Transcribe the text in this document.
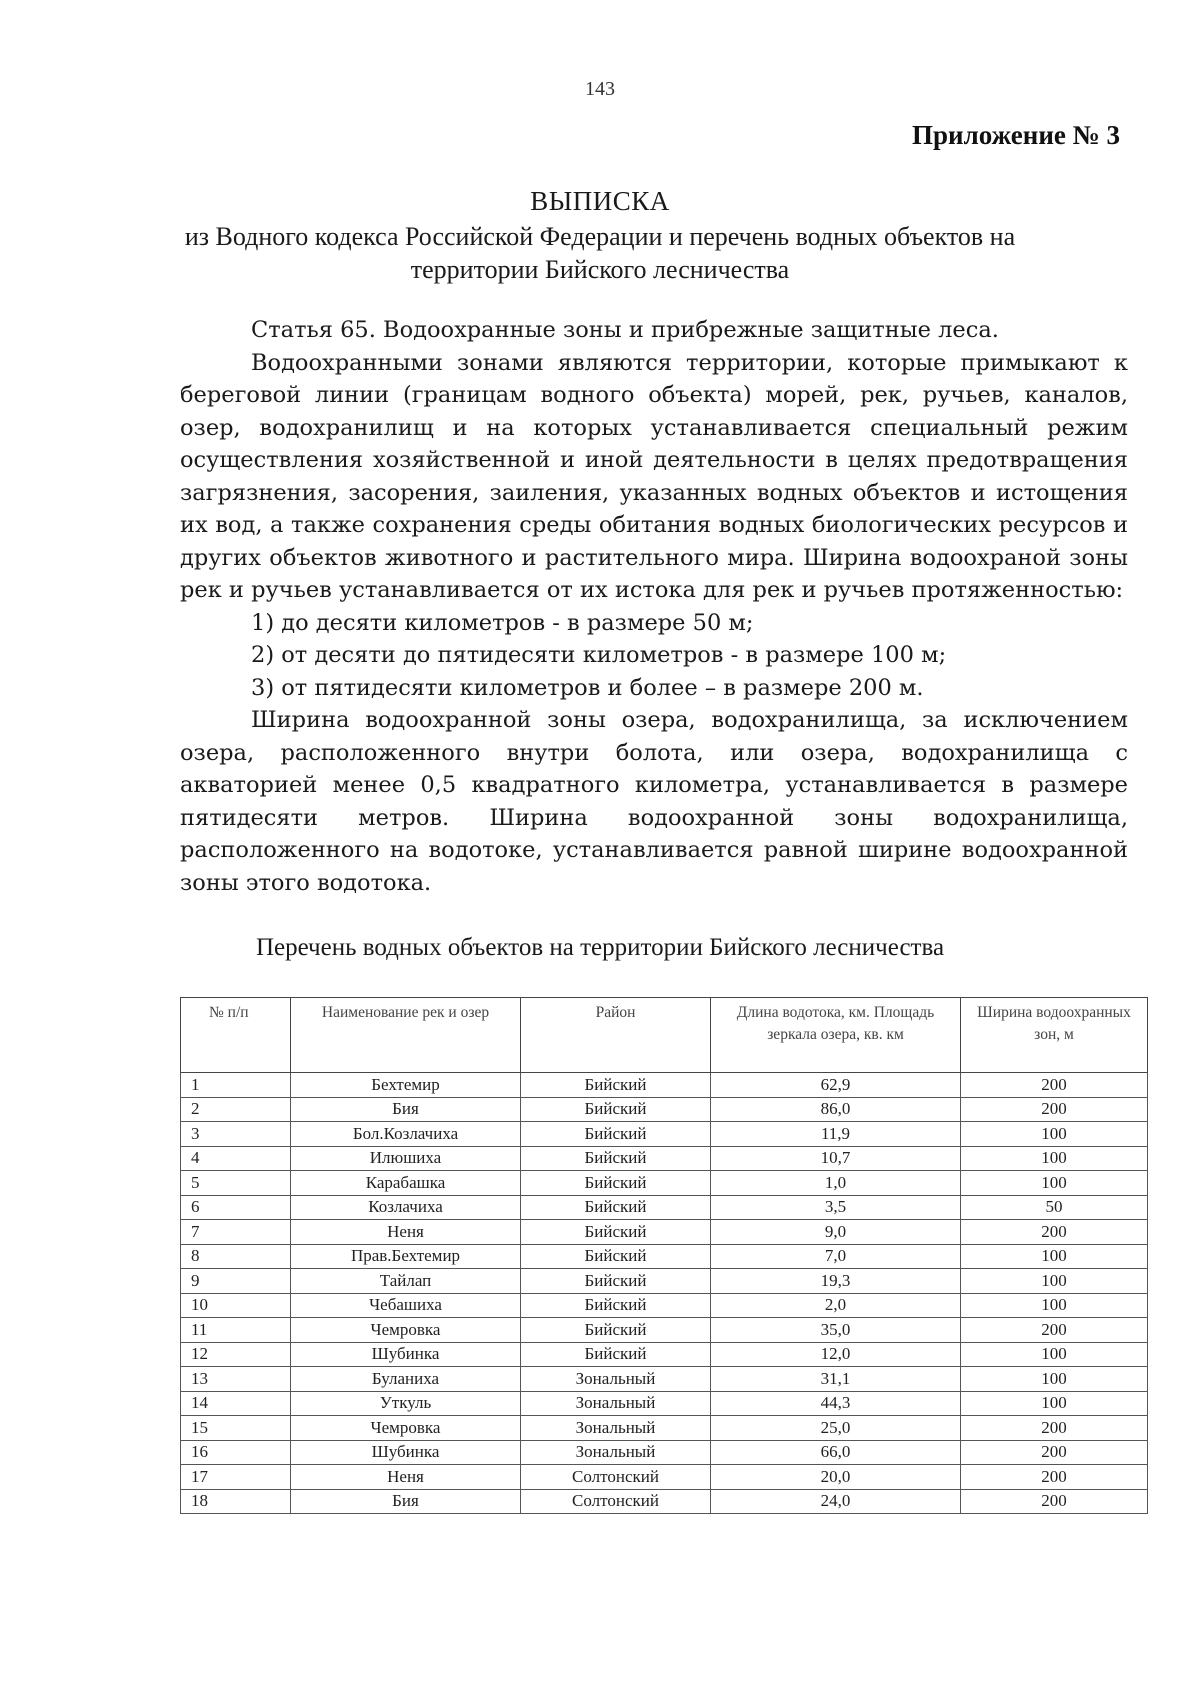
143
Приложение № 3
ВЫПИСКА
из Водного кодекса Российской Федерации и перечень водных объектов на
территории Бийского лесничества

Статья 65. Водоохранные зоны и прибрежные защитные леса.

Водоохранными зонами являются территории, которые примыкают к береговой линии (границам водного объекта) морей, рек, ручьев, каналов, озер, водохранилищ и на которых устанавливается специальный режим осуществления хозяйственной и иной деятельности в целях предотвращения загрязнения, засорения, заиления, указанных водных объектов и истощения их вод, а также сохранения среды обитания водных биологических ресурсов и других объектов животного и растительного мира. Ширина водоохраной зоны рек и ручьев устанавливается от их истока для рек и ручьев протяженностью:

1) до десяти километров - в размере 50 м;

2) от десяти до пятидесяти километров - в размере 100 м;

3) от пятидесяти километров и более – в размере 200 м.

Ширина водоохранной зоны озера, водохранилища, за исключением озера, расположенного внутри болота, или озера, водохранилища с акваторией менее 0,5 квадратного километра, устанавливается в размере пятидесяти метров. Ширина водоохранной зоны водохранилища, расположенного на водотоке, устанавливается равной ширине водоохранной зоны этого водотока.

Перечень водных объектов на территории Бийского лесничества
№ п/п	Наименование рек и озер	Район	Длина водотока, км. Площадь зеркала озера, кв. км	Ширина водоохранных зон, м
1	Бехтемир	Бийский	62,9	200
2	Бия	Бийский	86,0	200
3	Бол.Козлачиха	Бийский	11,9	100
4	Илюшиха	Бийский	10,7	100
5	Карабашка	Бийский	1,0	100
6	Козлачиха	Бийский	3,5	50
7	Неня	Бийский	9,0	200
8	Прав.Бехтемир	Бийский	7,0	100
9	Тайлап	Бийский	19,3	100
10	Чебашиха	Бийский	2,0	100
11	Чемровка	Бийский	35,0	200
12	Шубинка	Бийский	12,0	100
13	Буланиха	Зональный	31,1	100
14	Уткуль	Зональный	44,3	100
15	Чемровка	Зональный	25,0	200
16	Шубинка	Зональный	66,0	200
17	Неня	Солтонский	20,0	200
18	Бия	Солтонский	24,0	200
